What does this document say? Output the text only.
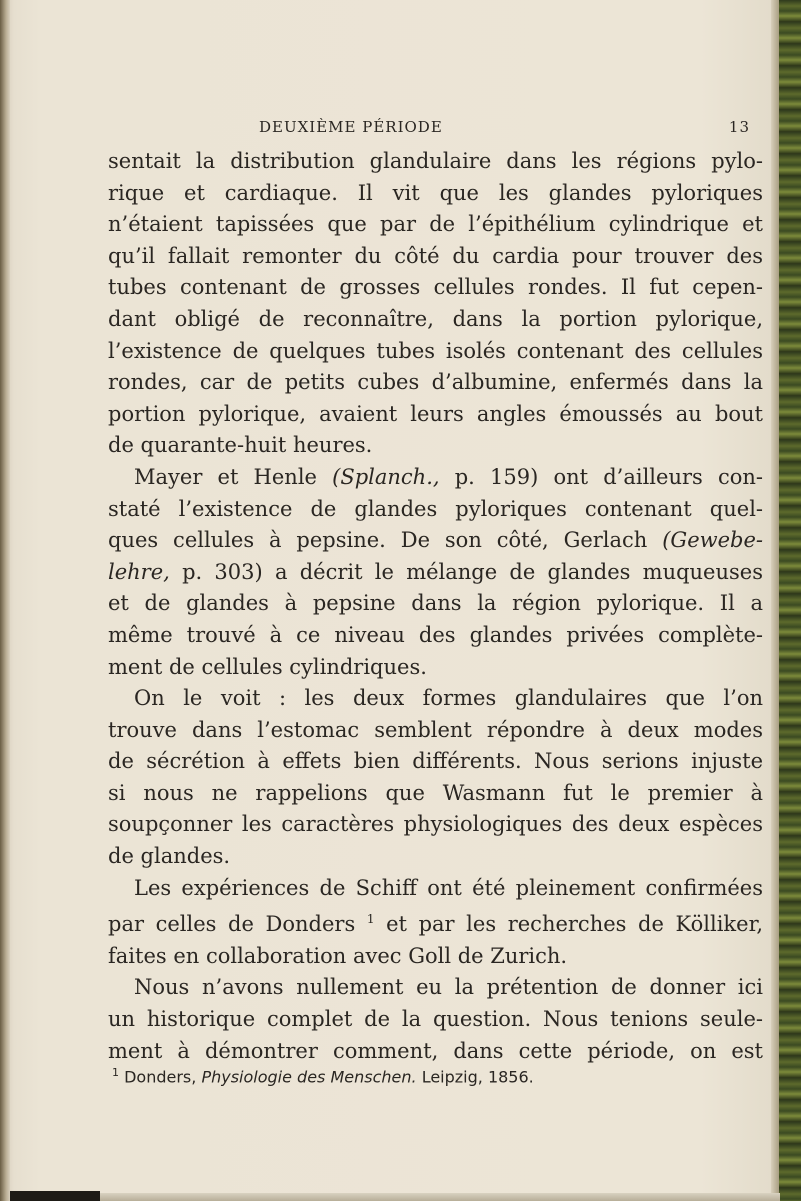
DEUXIÈME PÉRIODE	13
sentait la distribution glandulaire dans les régions pylo-
rique et cardiaque. Il vit que les glandes pyloriques
n’étaient tapissées que par de l’épithélium cylindrique et
qu’il fallait remonter du côté du cardia pour trouver des
tubes contenant de grosses cellules rondes. Il fut cepen-
dant obligé de reconnaître, dans la portion pylorique,
l’existence de quelques tubes isolés contenant des cellules
rondes, car de petits cubes d’albumine, enfermés dans la
portion pylorique, avaient leurs angles émoussés au bout
de quarante-huit heures.
Mayer et Henle (Splanch., p. 159) ont d’ailleurs con-
staté l’existence de glandes pyloriques contenant quel-
ques cellules à pepsine. De son côté, Gerlach (Gewebe-
lehre, p. 303) a décrit le mélange de glandes muqueuses
et de glandes à pepsine dans la région pylorique. Il a
même trouvé à ce niveau des glandes privées complète-
ment de cellules cylindriques.
On le voit : les deux formes glandulaires que l’on
trouve dans l’estomac semblent répondre à deux modes
de sécrétion à effets bien différents. Nous serions injuste
si nous ne rappelions que Wasmann fut le premier à
soupçonner les caractères physiologiques des deux espèces
de glandes.
Les expériences de Schiff ont été pleinement confirmées
par celles de Donders $^1$ et par les recherches de Kölliker,
faites en collaboration avec Goll de Zurich.
Nous n’avons nullement eu la prétention de donner ici
un historique complet de la question. Nous tenions seule-
ment à démontrer comment, dans cette période, on est
$^1$ Donders, Physiologie des Menschen. Leipzig, 1856.
